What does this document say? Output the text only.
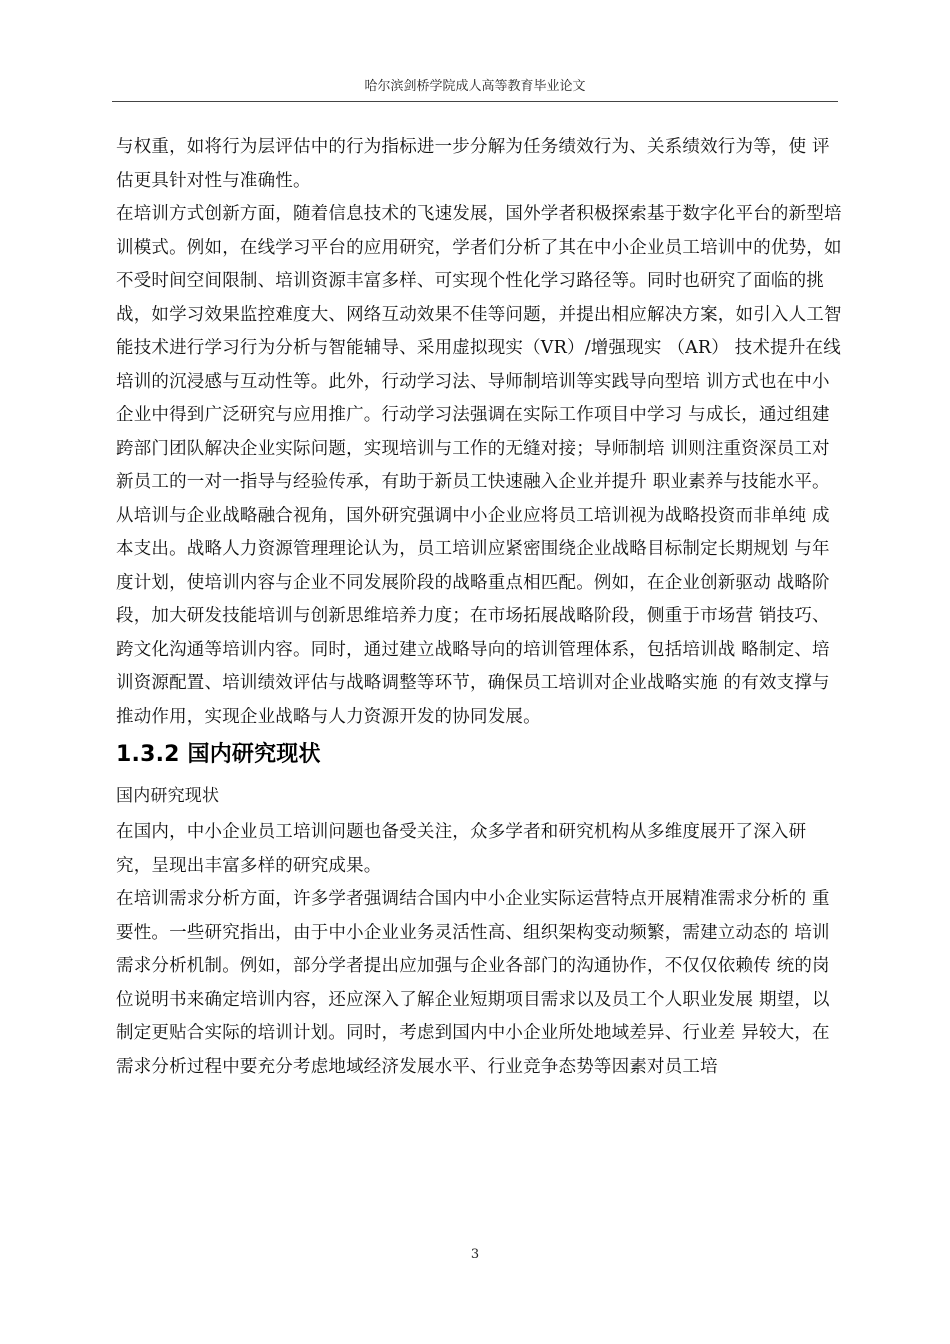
哈尔滨剑桥学院成人高等教育毕业论文

与权重，如将行为层评估中的行为指标进一步分解为任务绩效行为、关系绩效行为等，使 评估更具针对性与准确性。

在培训方式创新方面，随着信息技术的飞速发展，国外学者积极探索基于数字化平台的新型培训模式。例如，在线学习平台的应用研究，学者们分析了其在中小企业员工培训中的优势，如不受时间空间限制、培训资源丰富多样、可实现个性化学习路径等。同时也研究了面临的挑战，如学习效果监控难度大、网络互动效果不佳等问题，并提出相应解决方案，如引入人工智能技术进行学习行为分析与智能辅导、采用虚拟现实（VR）/增强现实 （AR） 技术提升在线培训的沉浸感与互动性等。此外，行动学习法、导师制培训等实践导向型培 训方式也在中小企业中得到广泛研究与应用推广。行动学习法强调在实际工作项目中学习 与成长，通过组建跨部门团队解决企业实际问题，实现培训与工作的无缝对接；导师制培 训则注重资深员工对新员工的一对一指导与经验传承，有助于新员工快速融入企业并提升 职业素养与技能水平。

从培训与企业战略融合视角，国外研究强调中小企业应将员工培训视为战略投资而非单纯 成本支出。战略人力资源管理理论认为，员工培训应紧密围绕企业战略目标制定长期规划 与年度计划，使培训内容与企业不同发展阶段的战略重点相匹配。例如，在企业创新驱动 战略阶段，加大研发技能培训与创新思维培养力度；在市场拓展战略阶段，侧重于市场营 销技巧、跨文化沟通等培训内容。同时，通过建立战略导向的培训管理体系，包括培训战 略制定、培训资源配置、培训绩效评估与战略调整等环节，确保员工培训对企业战略实施 的有效支撑与推动作用，实现企业战略与人力资源开发的协同发展。

1.3.2 国内研究现状

国内研究现状

在国内，中小企业员工培训问题也备受关注，众多学者和研究机构从多维度展开了深入研 究，呈现出丰富多样的研究成果。

在培训需求分析方面，许多学者强调结合国内中小企业实际运营特点开展精准需求分析的 重要性。一些研究指出，由于中小企业业务灵活性高、组织架构变动频繁，需建立动态的 培训需求分析机制。例如，部分学者提出应加强与企业各部门的沟通协作，不仅仅依赖传 统的岗位说明书来确定培训内容，还应深入了解企业短期项目需求以及员工个人职业发展 期望，以制定更贴合实际的培训计划。同时，考虑到国内中小企业所处地域差异、行业差 异较大，在需求分析过程中要充分考虑地域经济发展水平、行业竞争态势等因素对员工培

3
